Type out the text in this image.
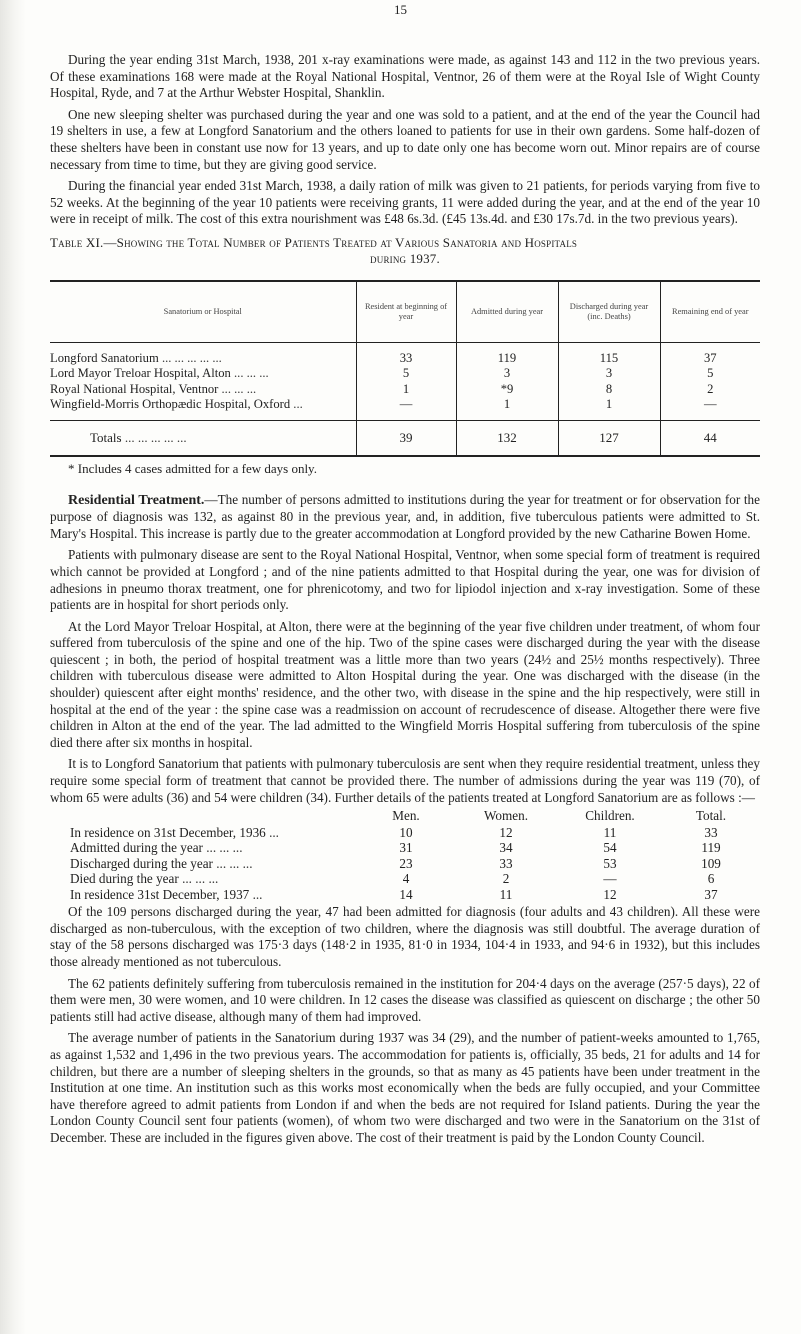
15

During the year ending 31st March, 1938, 201 x-ray examinations were made, as against 143 and 112 in the two previous years. Of these examinations 168 were made at the Royal National Hospital, Ventnor, 26 of them were at the Royal Isle of Wight County Hospital, Ryde, and 7 at the Arthur Webster Hospital, Shanklin.

One new sleeping shelter was purchased during the year and one was sold to a patient, and at the end of the year the Council had 19 shelters in use, a few at Longford Sanatorium and the others loaned to patients for use in their own gardens. Some half-dozen of these shelters have been in constant use now for 13 years, and up to date only one has become worn out. Minor repairs are of course necessary from time to time, but they are giving good service.

During the financial year ended 31st March, 1938, a daily ration of milk was given to 21 patients, for periods varying from five to 52 weeks. At the beginning of the year 10 patients were receiving grants, 11 were added during the year, and at the end of the year 10 were in receipt of milk. The cost of this extra nourishment was £48 6s.3d. (£45 13s.4d. and £30 17s.7d. in the two previous years).

Table XI.—Showing the Total Number of Patients Treated at Various Sanatoria and Hospitals
during 1937.
Sanatorium or Hospital	Resident at beginning of year	Admitted during year	Discharged during year (inc. Deaths)	Remaining end of year
Longford Sanatorium ... ... ... ... ...	33	119	115	37
Lord Mayor Treloar Hospital, Alton ... ... ...	5	3	3	5
Royal National Hospital, Ventnor ... ... ...	1	*9	8	2
Wingfield-Morris Orthopædic Hospital, Oxford ...	—	1	1	—
Totals ... ... ... ... ...	39	132	127	44

* Includes 4 cases admitted for a few days only.

Residential Treatment.—The number of persons admitted to institutions during the year for treatment or for observation for the purpose of diagnosis was 132, as against 80 in the previous year, and, in addition, five tuberculous patients were admitted to St. Mary's Hospital. This increase is partly due to the greater accommodation at Longford provided by the new Catharine Bowen Home.

Patients with pulmonary disease are sent to the Royal National Hospital, Ventnor, when some special form of treatment is required which cannot be provided at Longford ; and of the nine patients admitted to that Hospital during the year, one was for division of adhesions in pneumo thorax treatment, one for phrenicotomy, and two for lipiodol injection and x-ray investigation. Some of these patients are in hospital for short periods only.

At the Lord Mayor Treloar Hospital, at Alton, there were at the beginning of the year five children under treatment, of whom four suffered from tuberculosis of the spine and one of the hip. Two of the spine cases were discharged during the year with the disease quiescent ; in both, the period of hospital treatment was a little more than two years (24½ and 25½ months respectively). Three children with tuberculous disease were admitted to Alton Hospital during the year. One was discharged with the disease (in the shoulder) quiescent after eight months' residence, and the other two, with disease in the spine and the hip respectively, were still in hospital at the end of the year : the spine case was a readmission on account of recrudescence of disease. Altogether there were five children in Alton at the end of the year. The lad admitted to the Wingfield Morris Hospital suffering from tuberculosis of the spine died there after six months in hospital.

It is to Longford Sanatorium that patients with pulmonary tuberculosis are sent when they require residential treatment, unless they require some special form of treatment that cannot be provided there. The number of admissions during the year was 119 (70), of whom 65 were adults (36) and 54 were children (34). Further details of the patients treated at Longford Sanatorium are as follows :—

	Men.	Women.	Children.	Total.
In residence on 31st December, 1936 ...	10	12	11	33
Admitted during the year ... ... ...	31	34	54	119
Discharged during the year ... ... ...	23	33	53	109
Died during the year ... ... ...	4	2	—	6
In residence 31st December, 1937 ...	14	11	12	37

Of the 109 persons discharged during the year, 47 had been admitted for diagnosis (four adults and 43 children). All these were discharged as non-tuberculous, with the exception of two children, where the diagnosis was still doubtful. The average duration of stay of the 58 persons discharged was 175·3 days (148·2 in 1935, 81·0 in 1934, 104·4 in 1933, and 94·6 in 1932), but this includes those already mentioned as not tuberculous.

The 62 patients definitely suffering from tuberculosis remained in the institution for 204·4 days on the average (257·5 days), 22 of them were men, 30 were women, and 10 were children. In 12 cases the disease was classified as quiescent on discharge ; the other 50 patients still had active disease, although many of them had improved.

The average number of patients in the Sanatorium during 1937 was 34 (29), and the number of patient-weeks amounted to 1,765, as against 1,532 and 1,496 in the two previous years. The accommodation for patients is, officially, 35 beds, 21 for adults and 14 for children, but there are a number of sleeping shelters in the grounds, so that as many as 45 patients have been under treatment in the Institution at one time. An institution such as this works most economically when the beds are fully occupied, and your Committee have therefore agreed to admit patients from London if and when the beds are not required for Island patients. During the year the London County Council sent four patients (women), of whom two were discharged and two were in the Sanatorium on the 31st of December. These are included in the figures given above. The cost of their treatment is paid by the London County Council.
